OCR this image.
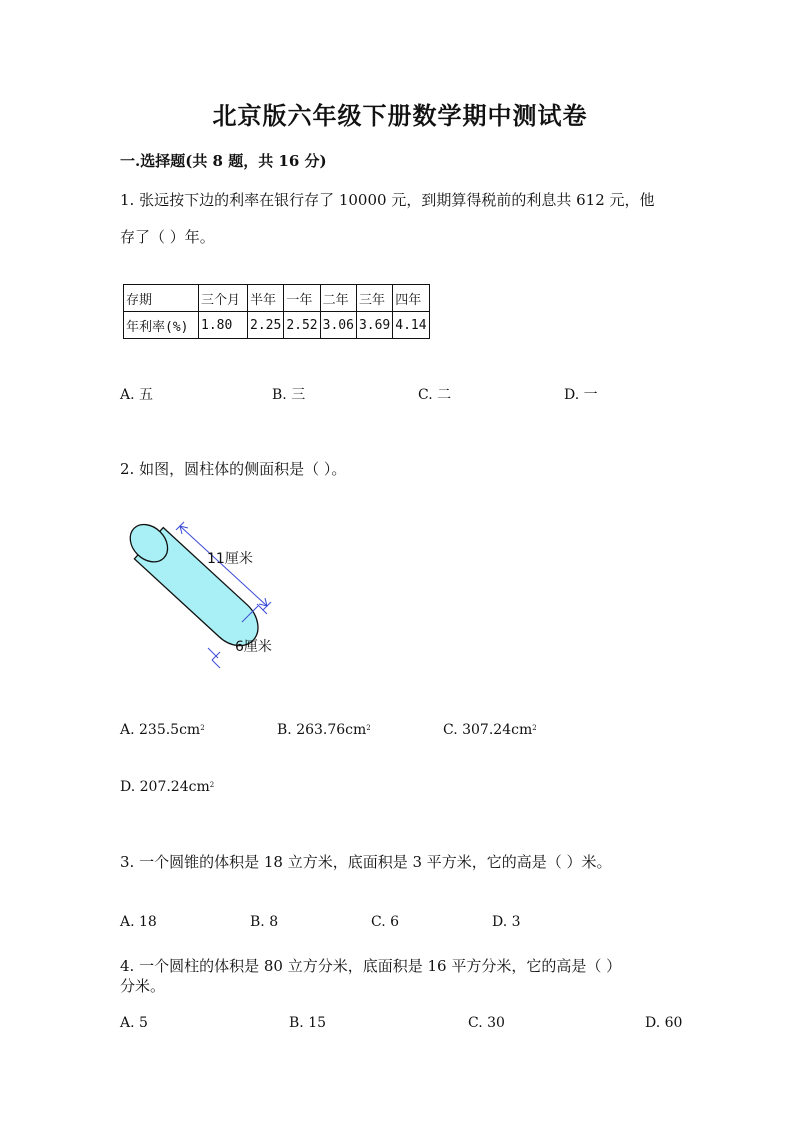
北京版六年级下册数学期中测试卷
一.选择题(共 8 题，共 16 分)
1. 张远按下边的利率在银行存了 10000 元，到期算得税前的利息共 612 元，他
存了（ ）年。
存期	三个月	半年	一年	二年	三年	四年
年利率(%)	1.80	2.25	2.52	3.06	3.69	4.14
A. 五	B. 三	C. 二	D. 一
2. 如图，圆柱体的侧面积是（ ）。
11厘米
6厘米
A. $235.5cm^2$	B. $263.76cm^2$	C. $307.24cm^2$
D. $207.24cm^2$
3. 一个圆锥的体积是 18 立方米，底面积是 3 平方米，它的高是（ ）米。
A. 18	B. 8	C. 6	D. 3
4. 一个圆柱的体积是 80 立方分米，底面积是 16 平方分米，它的高是（ ）
分米。
A. 5	B. 15	C. 30	D. 60
